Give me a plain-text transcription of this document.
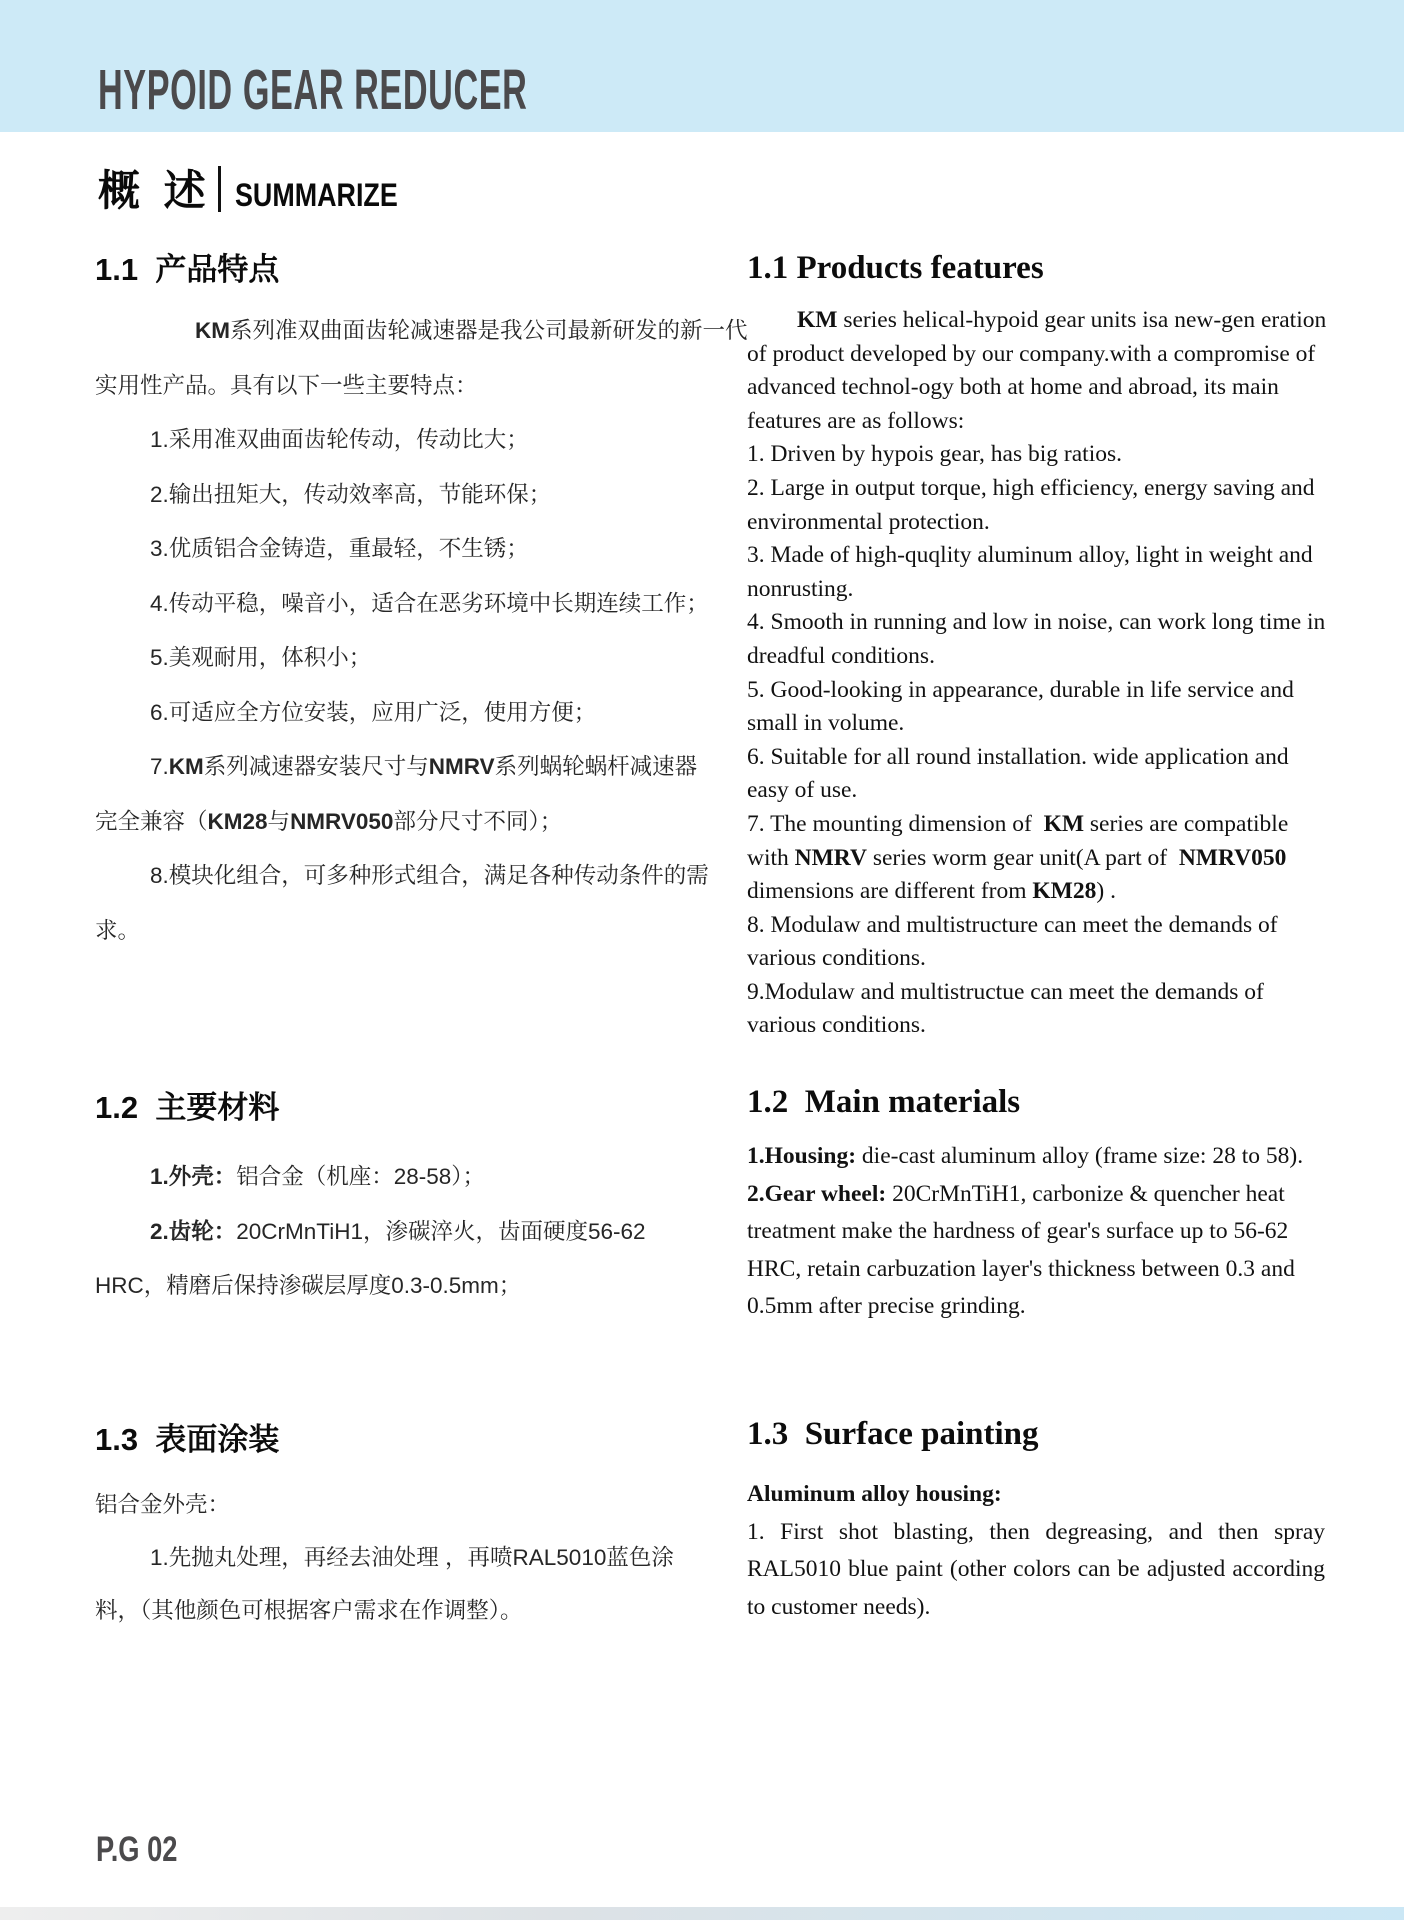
HYPOID GEAR REDUCER
概 述 SUMMARIZE
1.1  产品特点
KM系列准双曲面齿轮减速器是我公司最新研发的新一代
实用性产品。具有以下一些主要特点：
1.采用准双曲面齿轮传动，传动比大；
2.输出扭矩大，传动效率高，节能环保；
3.优质铝合金铸造，重最轻，不生锈；
4.传动平稳，噪音小，适合在恶劣环境中长期连续工作；
5.美观耐用，体积小；
6.可适应全方位安装，应用广泛，使用方便；
7.KM系列减速器安装尺寸与NMRV系列蜗轮蜗杆减速器
完全兼容（KM28与NMRV050部分尺寸不同）；
8.模块化组合，可多种形式组合，满足各种传动条件的需
求。
1.1 Products features
KM series helical-hypoid gear units isa new-gen eration
of product developed by our company.with a compromise of
advanced technol-ogy both at home and abroad, its main
features are as follows:
1. Driven by hypois gear, has big ratios.
2. Large in output torque, high efficiency, energy saving and
environmental protection.
3. Made of high-quqlity aluminum alloy, light in weight and
nonrusting.
4. Smooth in running and low in noise, can work long time in
dreadful conditions.
5. Good-looking in appearance, durable in life service and
small in volume.
6. Suitable for all round installation. wide application and
easy of use.
7. The mounting dimension of  KM series are compatible
with NMRV series worm gear unit(A part of  NMRV050
dimensions are different from KM28) .
8. Modulaw and multistructure can meet the demands of
various conditions.
9.Modulaw and multistructue can meet the demands of
various conditions.
1.2  主要材料
1.外壳：铝合金（机座：28-58）；
2.齿轮：20CrMnTiH1，渗碳淬火，齿面硬度56-62
HRC，精磨后保持渗碳层厚度0.3-0.5mm；
1.2  Main materials
1.Housing: die-cast aluminum alloy (frame size: 28 to 58).
2.Gear wheel: 20CrMnTiH1, carbonize & quencher heat
treatment make the hardness of gear's surface up to 56-62
HRC, retain carbuzation layer's thickness between 0.3 and
0.5mm after precise grinding.
1.3  表面涂装
铝合金外壳：
1.先抛丸处理，再经去油处理 ，再喷RAL5010蓝色涂
料，（其他颜色可根据客户需求在作调整）。
1.3  Surface painting
Aluminum alloy housing:
1. First shot blasting, then degreasing, and then spray
RAL5010 blue paint (other colors can be adjusted according
to customer needs).
P.G 02
